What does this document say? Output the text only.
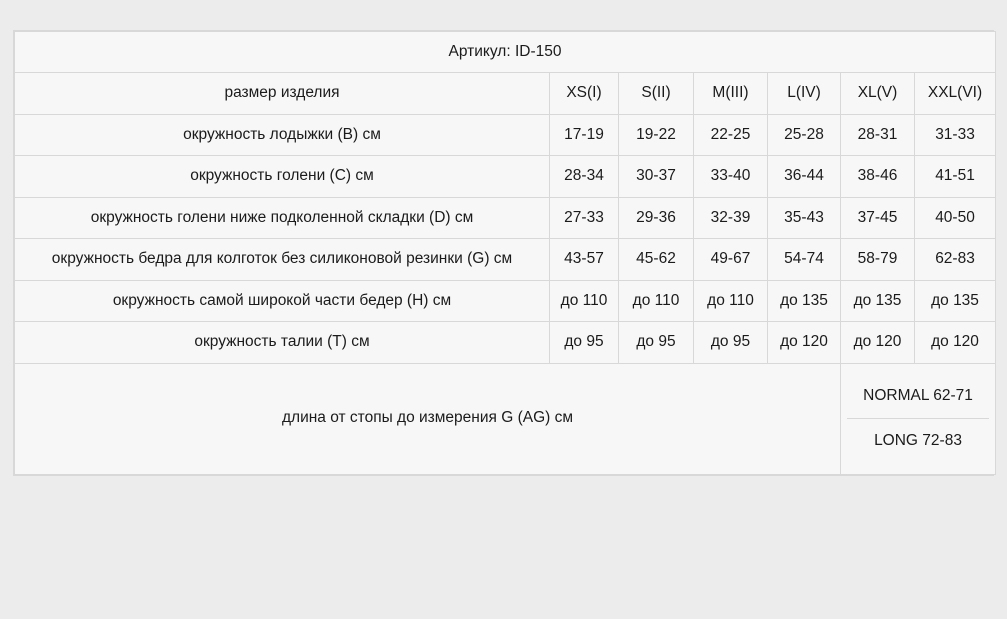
Артикул: ID-150						
размер изделия	XS(I)	S(II)	M(III)	L(IV)	XL(V)	XXL(VI)
окружность лодыжки (B) см	17-19	19-22	22-25	25-28	28-31	31-33
окружность голени (C) см	28-34	30-37	33-40	36-44	38-46	41-51
окружность голени ниже подколенной складки (D) см	27-33	29-36	32-39	35-43	37-45	40-50
окружность бедра для колготок без силиконовой резинки (G) см	43-57	45-62	49-67	54-74	58-79	62-83
окружность самой широкой части бедер (H) см	до 110	до 110	до 110	до 135	до 135	до 135
окружность талии (T) см	до 95	до 95	до 95	до 120	до 120	до 120
длина от стопы до измерения G (AG) см					NORMAL 62-71
LONG 72-83	
